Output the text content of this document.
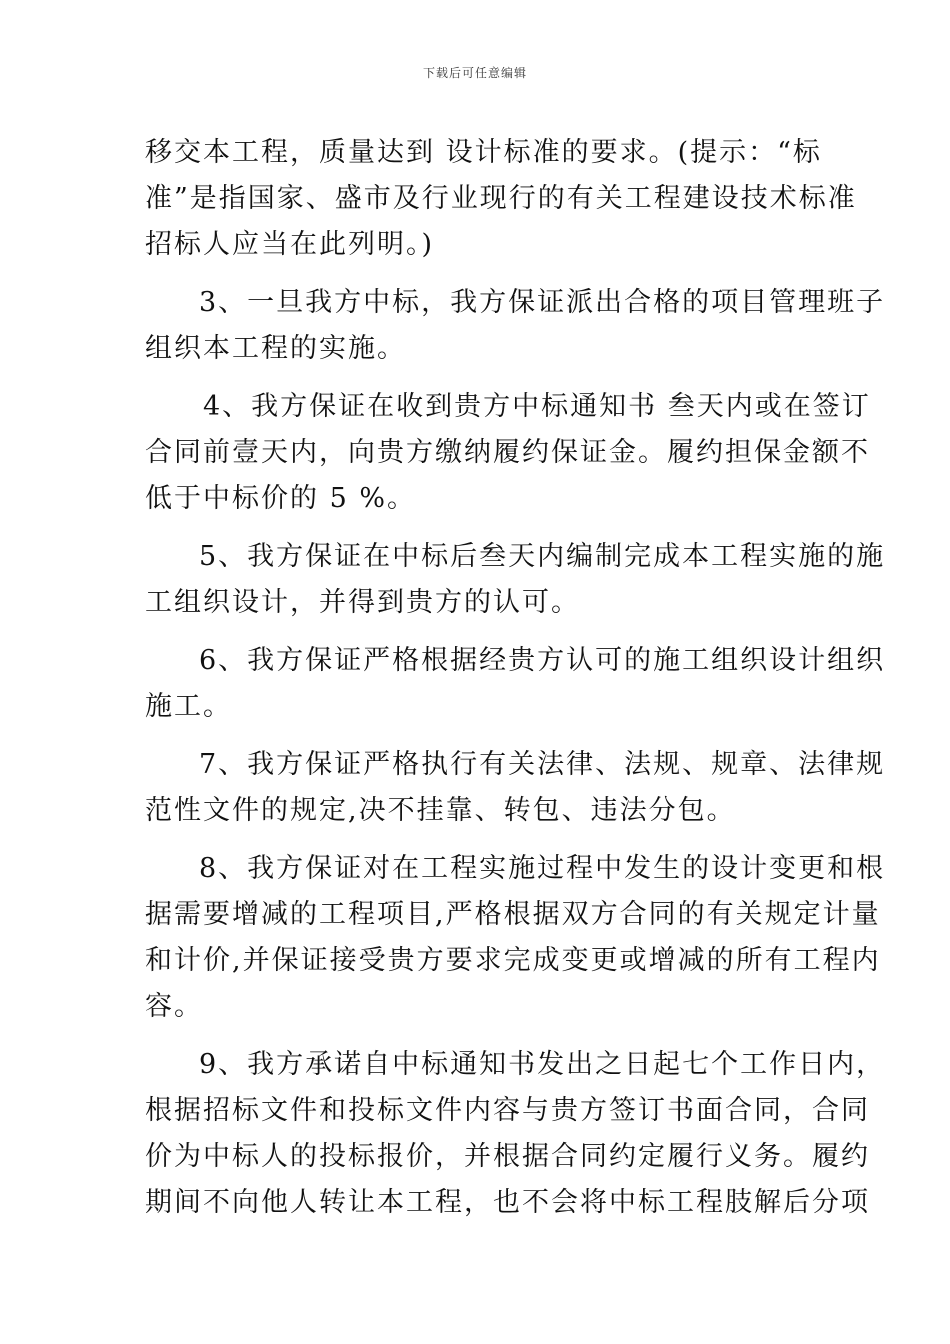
下载后可任意编辑
移交本工程，质量达到 设计标准的要求。(提示：“标
准”是指国家、盛市及行业现行的有关工程建设技术标准
招标人应当在此列明。)
3、一旦我方中标，我方保证派出合格的项目管理班子
组织本工程的实施。
4、我方保证在收到贵方中标通知书 叁天内或在签订
合同前壹天内，向贵方缴纳履约保证金。履约担保金额不
低于中标价的 5 %。
5、我方保证在中标后叁天内编制完成本工程实施的施
工组织设计，并得到贵方的认可。
6、我方保证严格根据经贵方认可的施工组织设计组织
施工。
7、我方保证严格执行有关法律、法规、规章、法律规
范性文件的规定,决不挂靠、转包、违法分包。
8、我方保证对在工程实施过程中发生的设计变更和根
据需要增减的工程项目,严格根据双方合同的有关规定计量
和计价,并保证接受贵方要求完成变更或增减的所有工程内
容。
9、我方承诺自中标通知书发出之日起七个工作日内，
根据招标文件和投标文件内容与贵方签订书面合同，合同
价为中标人的投标报价，并根据合同约定履行义务。履约
期间不向他人转让本工程，也不会将中标工程肢解后分项
